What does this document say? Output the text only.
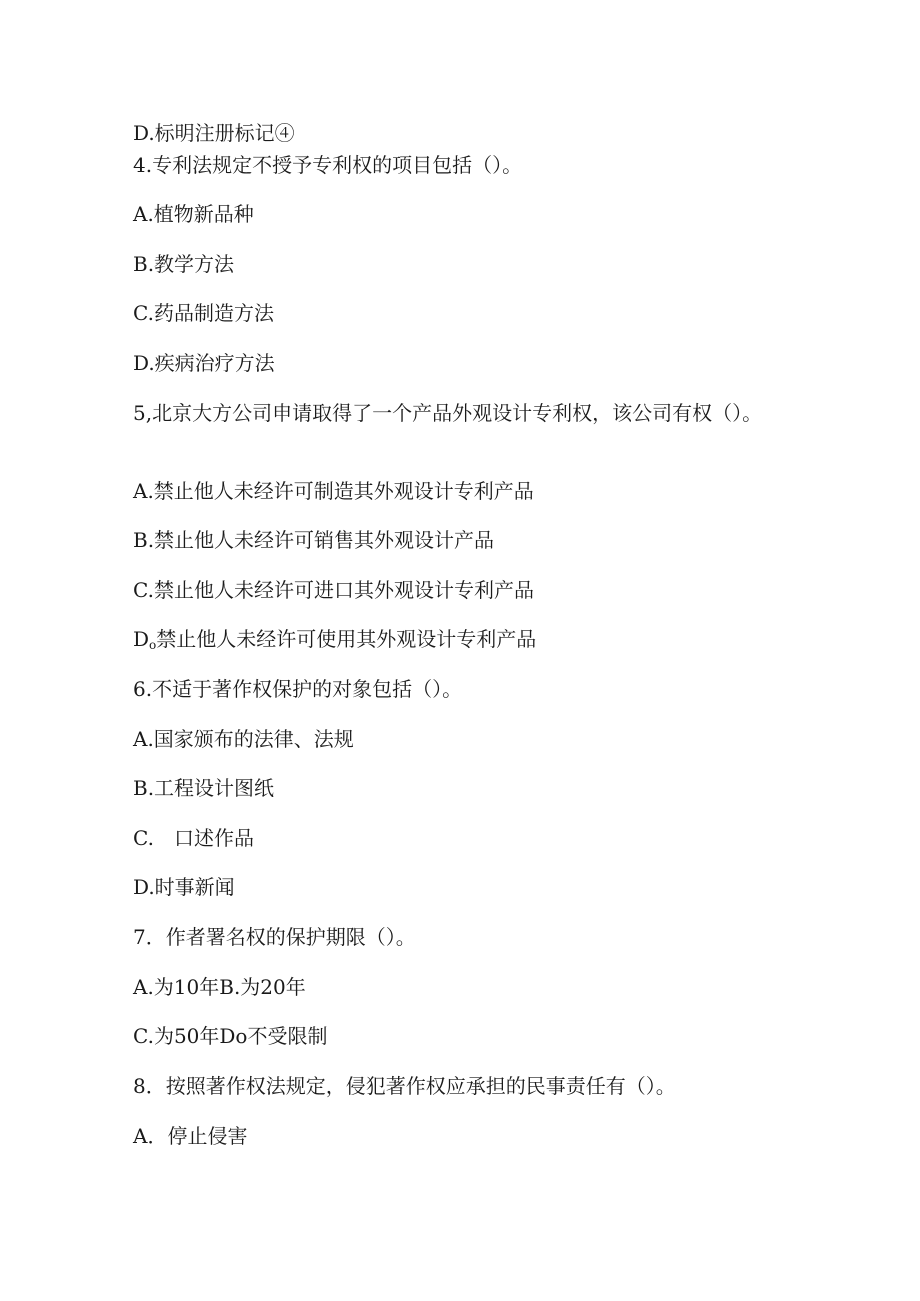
D.标明注册标记④

4.专利法规定不授予专利权的项目包括（）。

A.植物新品种

B.教学方法

C.药品制造方法

D.疾病治疗方法

5,北京大方公司申请取得了一个产品外观设计专利权，该公司有权（）。

A.禁止他人未经许可制造其外观设计专利产品

B.禁止他人未经许可销售其外观设计产品

C.禁止他人未经许可进口其外观设计专利产品

$D_o$禁止他人未经许可使用其外观设计专利产品

6.不适于著作权保护的对象包括（）。

A.国家颁布的法律、法规

B.工程设计图纸

C.　口述作品

D.时事新闻

7．作者署名权的保护期限（）。

A.为10年B.为20年

C.为50年Do不受限制

8．按照著作权法规定，侵犯著作权应承担的民事责任有（）。

A．停止侵害
